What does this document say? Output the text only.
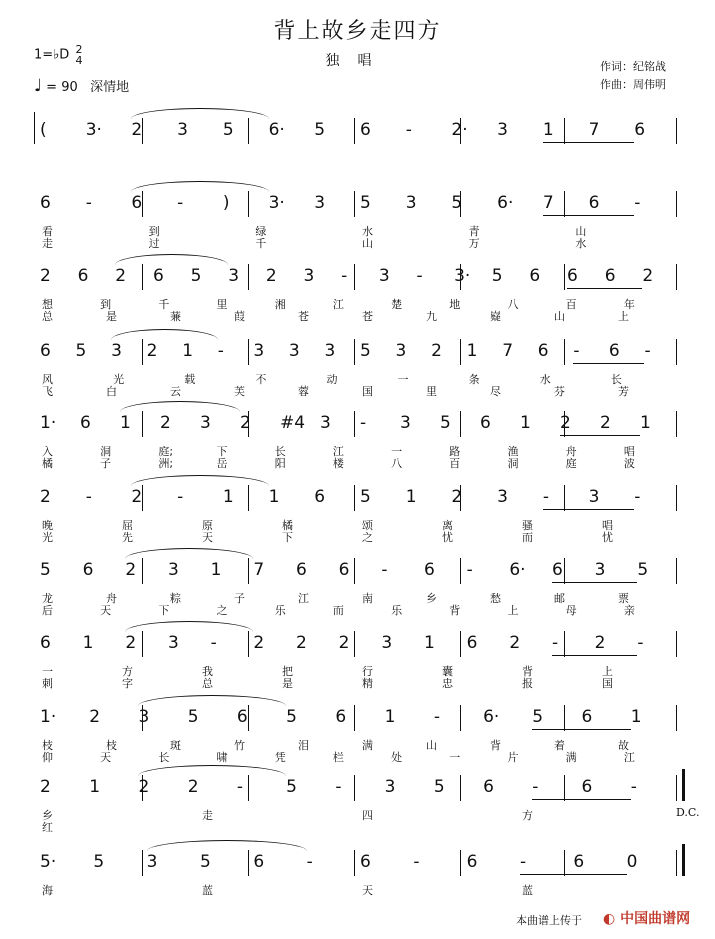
背上故乡走四方
独唱
1=♭D 2
4
♩ = 90 深情地
作词：纪铭战
作曲：周伟明
( 3· 2 3 5 6· 5 6 - 2· 3 1 7 6
6 - 6 - ) 3· 3 5 3 5 6· 7 6 -
看	到	绿	水	青	山
走	过	千	山	万	水
2 6 2 6 5 3 2 3 - 3 - 3· 5 6 6 6 2
想	到	千	里	湘	江	楚	地	八	百	年
总	是	蒹	葭	苍	苍	九	嶷	山	上
6 5 3 2 1 - 3 3 3 5 3 2 1 7 6 - 6 -
风	光	载	不	动	一	条	水	长
飞	白	云	芙	蓉	国	里	尽	芬	芳
1· 6 1 2 3 2 #4 3 - 3 5 6 1 2 2 1
入	洞	庭;	下	长	江	一	路	渔	舟	唱
橘	子	洲;	岳	阳	楼	八	百	洞	庭	波
2 - 2 - 1 1 6 5 1 2 3 - 3 -
晚	屈	原	橘	颂	离	骚	唱
光	先	天	下	之	忧	而	忧
5 6 2 3 1 7 6 6 - 6 - 6· 6 3 5
龙	舟	粽	子	江	南	乡	愁	邮	票
后	天	下	之	乐	而	乐	背	上	母	亲
6 1 2 3 - 2 2 2 3 1 6 2 - 2 -
一	方	我	把	行	囊	背	上
刺	字	总	是	精	忠	报	国
1· 2 3 5 6 5 6 1 -	6· 5 6 1
枝	枝	斑	竹	泪	满	山	背	着	故
仰	天	长	啸	凭	栏	处	一	片	满	江
2 1 2 2 -	5 -	3 5 6 -	6 -
乡	走	四	方
红
5· 5	3	5	6	-	6	-	6	-	6	0
海	蓝	天	蓝
D.C.
本曲谱上传于 ◐ 中国曲谱网
